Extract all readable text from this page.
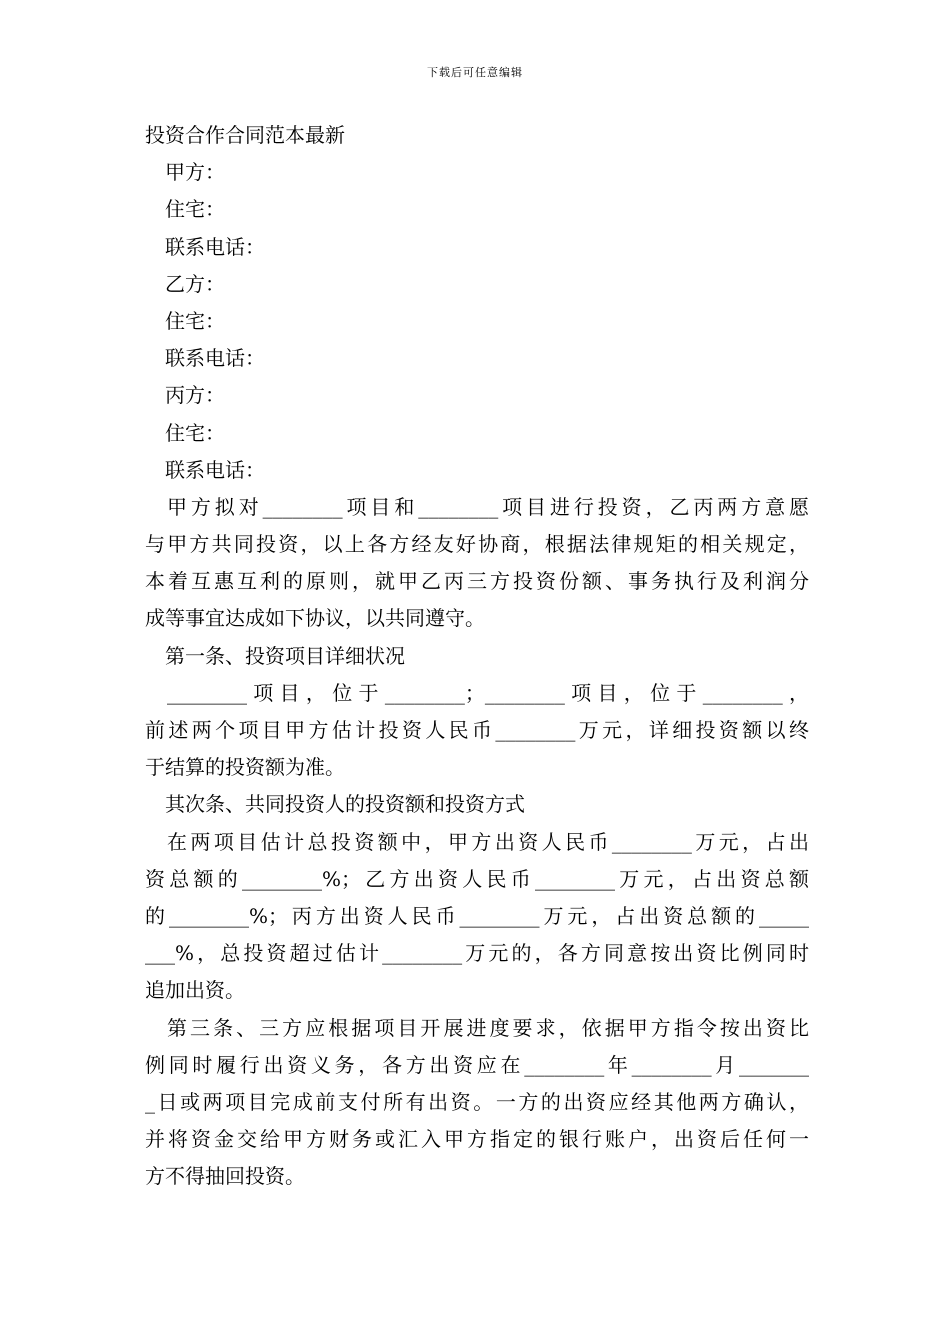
下载后可任意编辑
投资合作合同范本最新
甲方：
住宅：
联系电话：
乙方：
住宅：
联系电话：
丙方：
住宅：
联系电话：
甲方拟对________项目和________项目进行投资，乙丙两方意愿
与甲方共同投资，以上各方经友好协商，根据法律规矩的相关规定，
本着互惠互利的原则，就甲乙丙三方投资份额、事务执行及利润分
成等事宜达成如下协议，以共同遵守。
第一条、投资项目详细状况
________项目，位于________；________项目，位于________，
前述两个项目甲方估计投资人民币________万元，详细投资额以终
于结算的投资额为准。
其次条、共同投资人的投资额和投资方式
在两项目估计总投资额中，甲方出资人民币________万元，占出
资总额的________%；乙方出资人民币________万元，占出资总额
的________%；丙方出资人民币________万元，占出资总额的_____
___%，总投资超过估计________万元的，各方同意按出资比例同时
追加出资。
第三条、三方应根据项目开展进度要求，依据甲方指令按出资比
例同时履行出资义务，各方出资应在________年________月_______
_日或两项目完成前支付所有出资。一方的出资应经其他两方确认，
并将资金交给甲方财务或汇入甲方指定的银行账户，出资后任何一
方不得抽回投资。
